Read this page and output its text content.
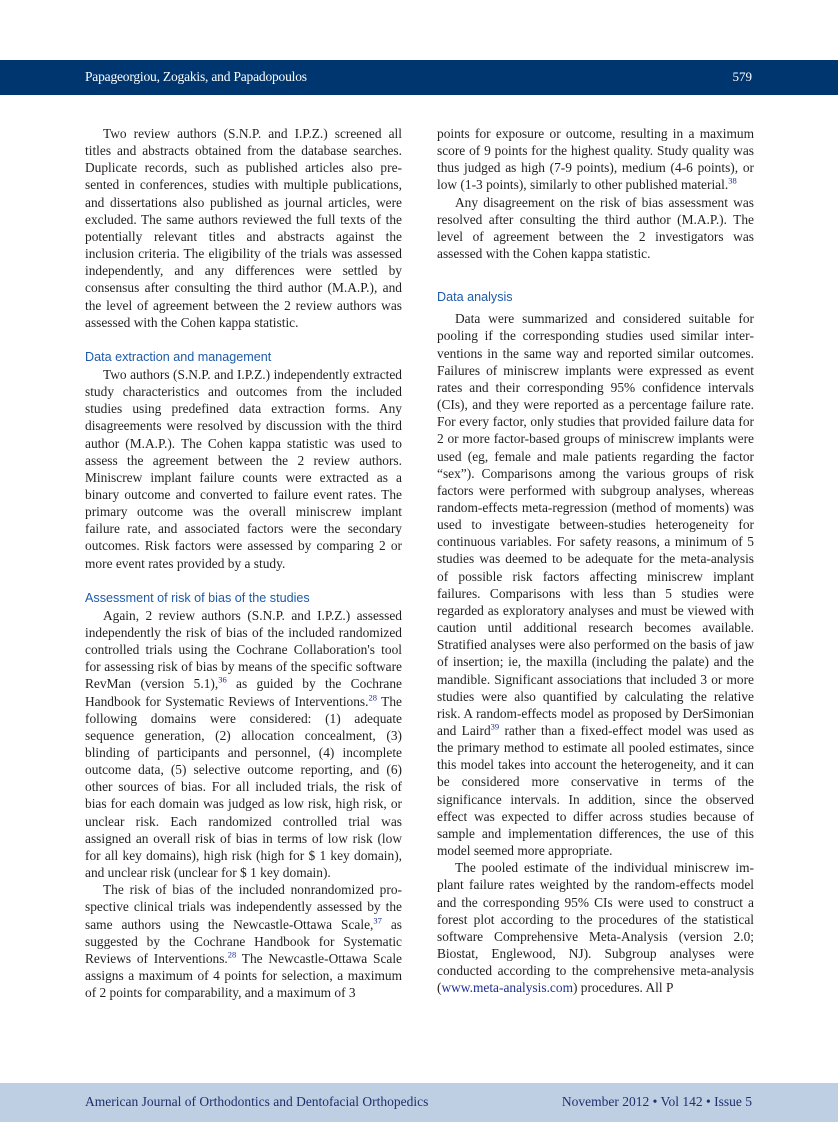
Papageorgiou, Zogakis, and Papadopoulos	579

Two review authors (S.N.P. and I.P.Z.) screened all titles and abstracts obtained from the database searches. Duplicate records, such as published articles also presented in conferences, studies with multiple publications, and dissertations also published as journal articles, were excluded. The same authors reviewed the full texts of the potentially relevant titles and abstracts against the inclusion criteria. The eligibility of the trials was assessed independently, and any differences were settled by consensus after consulting the third author (M.A.P.), and the level of agreement between the 2 review authors was assessed with the Cohen kappa statistic.

Data extraction and management

Two authors (S.N.P. and I.P.Z.) independently extracted study characteristics and outcomes from the included studies using predefined data extraction forms. Any disagreements were resolved by discussion with the third author (M.A.P.). The Cohen kappa statistic was used to assess the agreement between the 2 review authors. Miniscrew implant failure counts were extracted as a binary outcome and converted to failure event rates. The primary outcome was the overall miniscrew implant failure rate, and associated factors were the secondary outcomes. Risk factors were assessed by comparing 2 or more event rates provided by a study.

Assessment of risk of bias of the studies

Again, 2 review authors (S.N.P. and I.P.Z.) assessed independently the risk of bias of the included randomized controlled trials using the Cochrane Collaboration's tool for assessing risk of bias by means of the specific software RevMan (version 5.1),$^{36}$ as guided by the Cochrane Handbook for Systematic Reviews of Interventions.$^{28}$ The following domains were considered: (1) adequate sequence generation, (2) allocation concealment, (3) blinding of participants and personnel, (4) incomplete outcome data, (5) selective outcome reporting, and (6) other sources of bias. For all included trials, the risk of bias for each domain was judged as low risk, high risk, or unclear risk. Each randomized controlled trial was assigned an overall risk of bias in terms of low risk (low for all key domains), high risk (high for $ 1 key domain), and unclear risk (unclear for $ 1 key domain).

The risk of bias of the included nonrandomized prospective clinical trials was independently assessed by the same authors using the Newcastle-Ottawa Scale,$^{37}$ as suggested by the Cochrane Handbook for Systematic Reviews of Interventions.$^{28}$ The Newcastle-Ottawa Scale assigns a maximum of 4 points for selection, a maximum of 2 points for comparability, and a maximum of 3

points for exposure or outcome, resulting in a maximum score of 9 points for the highest quality. Study quality was thus judged as high (7-9 points), medium (4-6 points), or low (1-3 points), similarly to other published material.$^{38}$

Any disagreement on the risk of bias assessment was resolved after consulting the third author (M.A.P.). The level of agreement between the 2 investigators was assessed with the Cohen kappa statistic.

Data analysis

Data were summarized and considered suitable for pooling if the corresponding studies used similar interventions in the same way and reported similar outcomes. Failures of miniscrew implants were expressed as event rates and their corresponding 95% confidence intervals (CIs), and they were reported as a percentage failure rate. For every factor, only studies that provided failure data for 2 or more factor-based groups of miniscrew implants were used (eg, female and male patients regarding the factor “sex”). Comparisons among the various groups of risk factors were performed with subgroup analyses, whereas random-effects meta-regression (method of moments) was used to investigate between-studies heterogeneity for continuous variables. For safety reasons, a minimum of 5 studies was deemed to be adequate for the meta-analysis of possible risk factors affecting miniscrew implant failures. Comparisons with less than 5 studies were regarded as exploratory analyses and must be viewed with caution until additional research becomes available. Stratified analyses were also performed on the basis of jaw of insertion; ie, the maxilla (including the palate) and the mandible. Significant associations that included 3 or more studies were also quantified by calculating the relative risk. A random-effects model as proposed by DerSimonian and Laird$^{39}$ rather than a fixed-effect model was used as the primary method to estimate all pooled estimates, since this model takes into account the heterogeneity, and it can be considered more conservative in terms of the significance intervals. In addition, since the observed effect was expected to differ across studies because of sample and implementation differences, the use of this model seemed more appropriate.

The pooled estimate of the individual miniscrew implant failure rates weighted by the random-effects model and the corresponding 95% CIs were used to construct a forest plot according to the procedures of the statistical software Comprehensive Meta-Analysis (version 2.0; Biostat, Englewood, NJ). Subgroup analyses were conducted according to the comprehensive meta-analysis (www.meta-analysis.com) procedures. All P

American Journal of Orthodontics and Dentofacial Orthopedics	November 2012 • Vol 142 • Issue 5
